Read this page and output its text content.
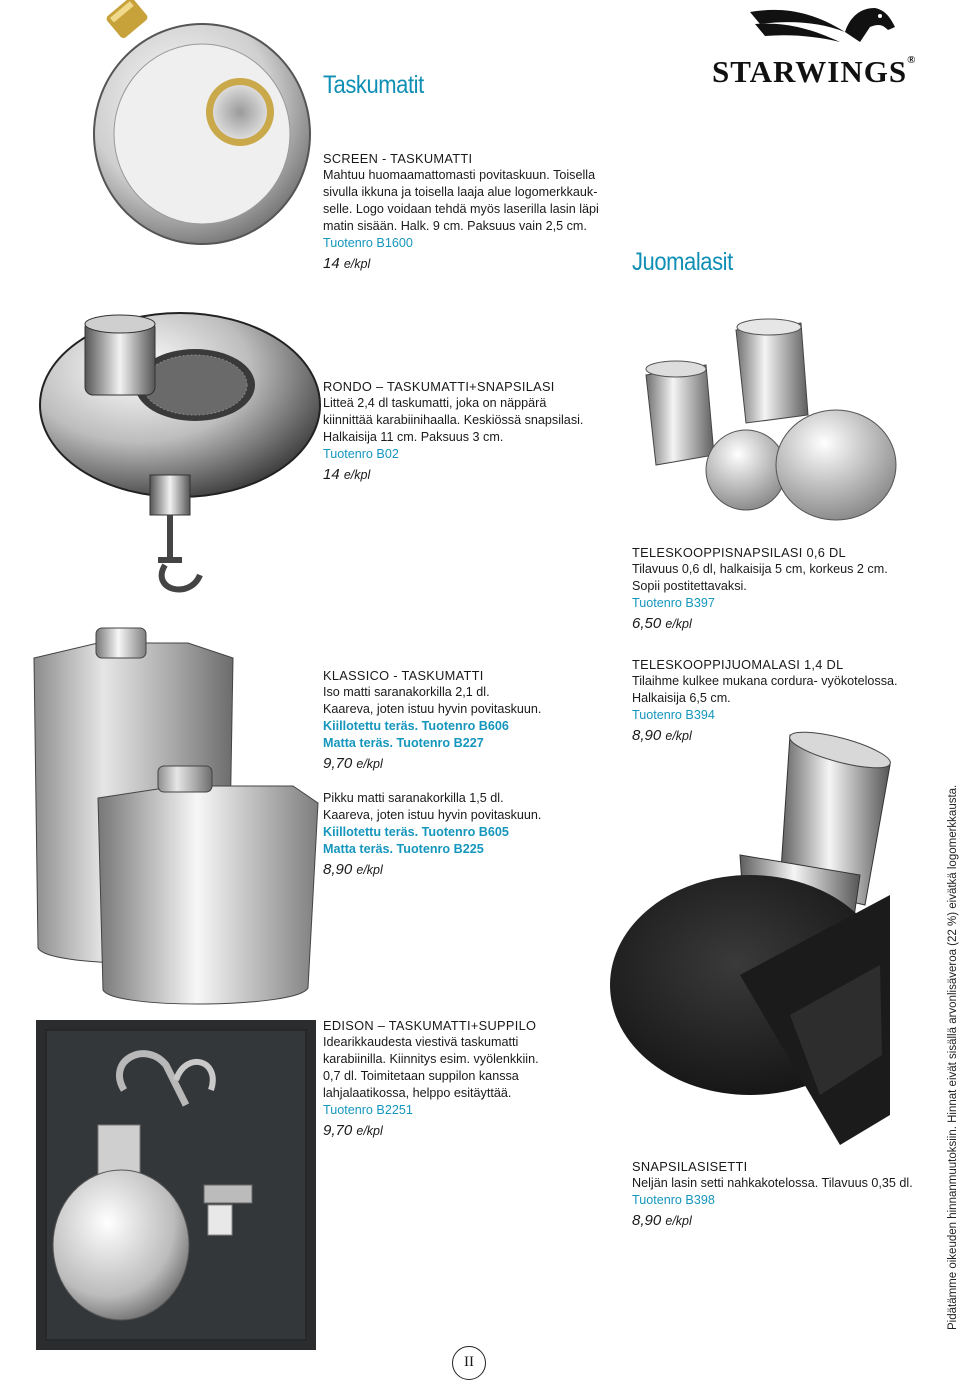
STARWINGS®
Taskumatit
Juomalasit
SCREEN - TASKUMATTI
Mahtuu huomaamattomasti povitaskuun. Toisella
sivulla ikkuna ja toisella laaja alue logomerkkauk-
selle. Logo voidaan tehdä myös laserilla lasin läpi
matin sisään. Halk. 9 cm. Paksuus vain 2,5 cm.
Tuotenro B1600
14 e/kpl
RONDO – TASKUMATTI+SNAPSILASI
Litteä 2,4 dl taskumatti, joka on näppärä
kiinnittää karabiinihaalla. Keskiössä snapsilasi.
Halkaisija 11 cm. Paksuus 3 cm.
Tuotenro B02
14 e/kpl
KLASSICO - TASKUMATTI
Iso matti saranakorkilla 2,1 dl.
Kaareva, joten istuu hyvin povitaskuun.
Kiillotettu teräs. Tuotenro B606
Matta teräs. Tuotenro B227
9,70 e/kpl
Pikku matti saranakorkilla 1,5 dl.
Kaareva, joten istuu hyvin povitaskuun.
Kiillotettu teräs. Tuotenro B605
Matta teräs. Tuotenro B225
8,90 e/kpl
EDISON – TASKUMATTI+SUPPILO
Idearikkaudesta viestivä taskumatti
karabiinilla. Kiinnitys esim. vyölenkkiin.
0,7 dl. Toimitetaan suppilon kanssa
lahjalaatikossa, helppo esitäyttää.
Tuotenro B2251
9,70 e/kpl
TELESKOOPPISNAPSILASI 0,6 DL
Tilavuus 0,6 dl, halkaisija 5 cm, korkeus 2 cm.
Sopii postitettavaksi.
Tuotenro B397
6,50 e/kpl
TELESKOOPPIJUOMALASI 1,4 DL
Tilaihme kulkee mukana cordura- vyökotelossa.
Halkaisija 6,5 cm.
Tuotenro B394
8,90 e/kpl
SNAPSILASISETTI
Neljän lasin setti nahkakotelossa. Tilavuus 0,35 dl.
Tuotenro B398
8,90 e/kpl	Pidätämme oikeuden hinnanmuutoksiin. Hinnat eivät sisällä arvonlisäveroa (22 %) eivätkä logomerkkausta.
II
